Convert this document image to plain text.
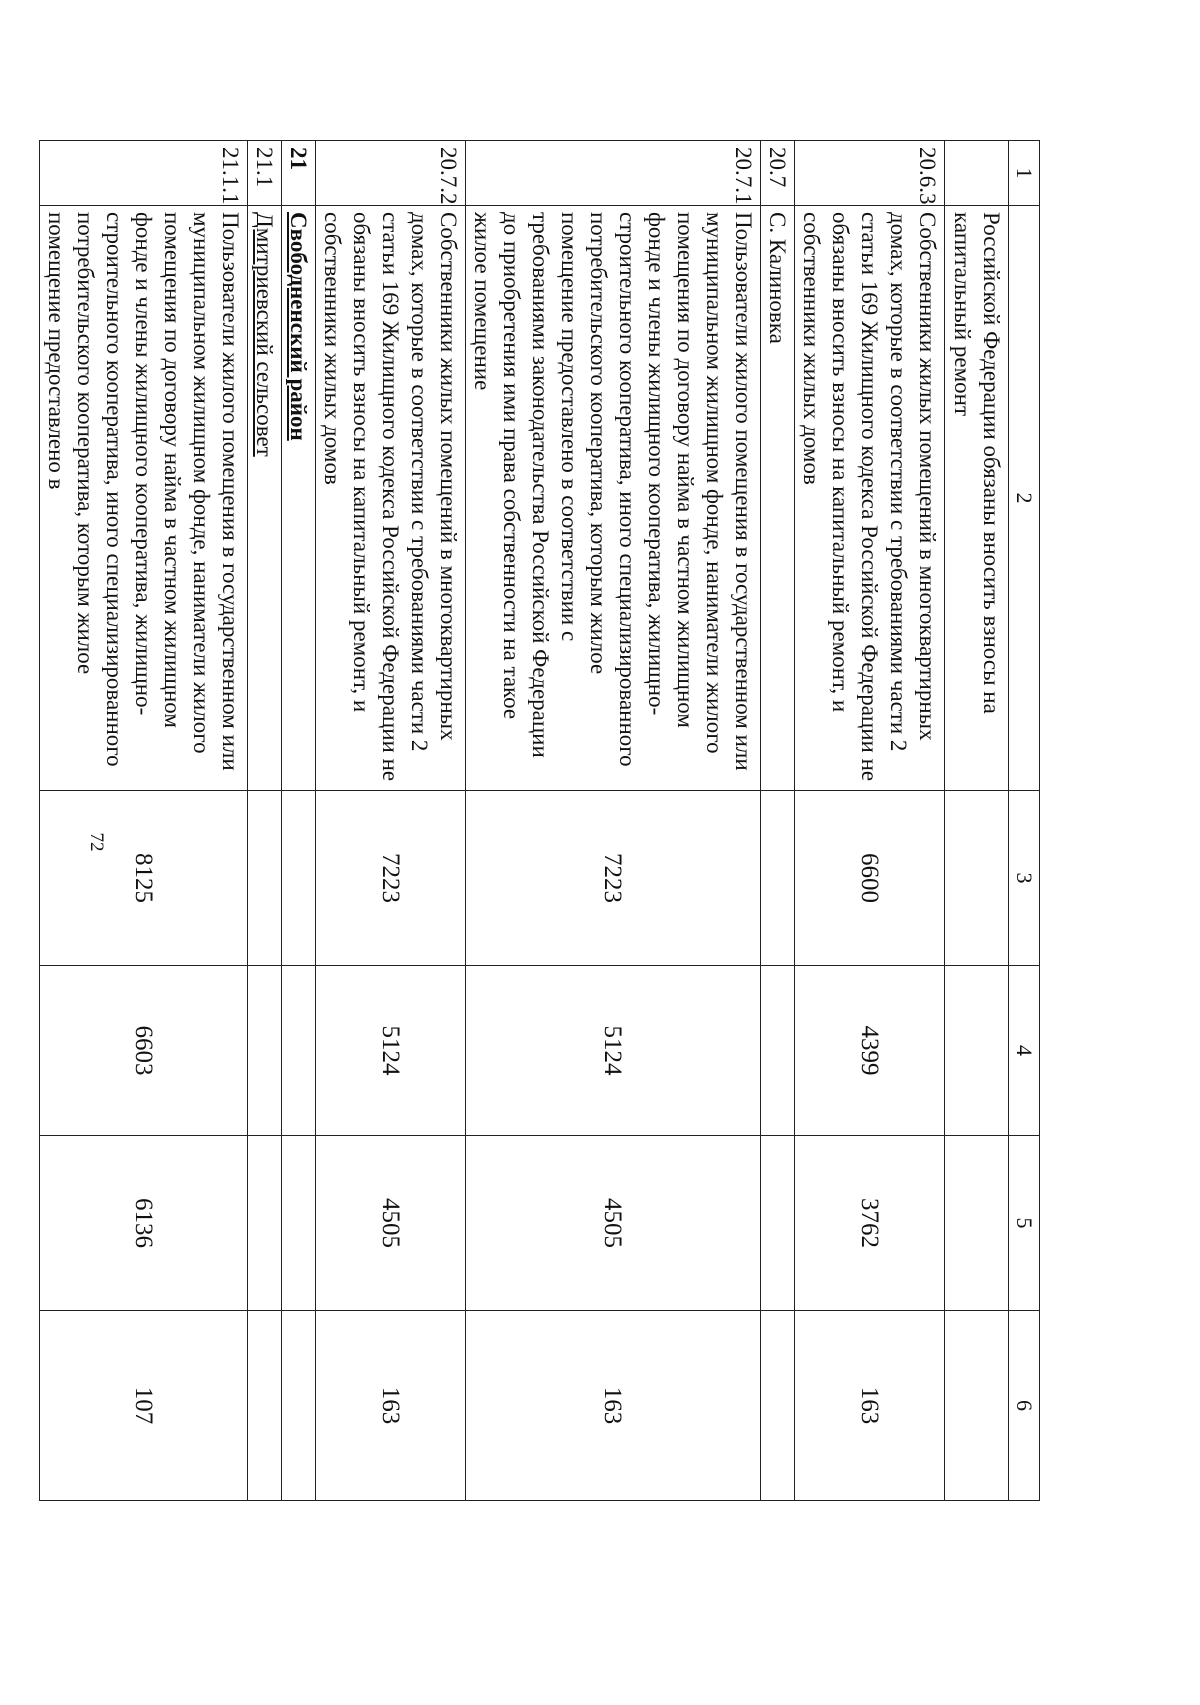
72
1	2	3	4	5	6
	Российской Федерации обязаны вносить взносы на капитальный ремонт				
20.6.3	Собственники жилых помещений в многоквартирных домах, которые в соответствии с требованиями части 2 статьи 169 Жилищного кодекса Российской Федерации не обязаны вносить взносы на капитальный ремонт, и собственники жилых домов	6600	4399	3762	163
20.7	С. Калиновка				
20.7.1	Пользователи жилого помещения в государственном или муниципальном жилищном фонде, наниматели жилого помещения по договору найма в частном жилищном фонде и члены жилищного кооператива, жилищно-строительного кооператива, иного специализированного потребительского кооператива, которым жилое помещение предоставлено в соответствии с требованиями законодательства Российской Федерации до приобретения ими права собственности на такое жилое помещение	7223	5124	4505	163
20.7.2	Собственники жилых помещений в многоквартирных домах, которые в соответствии с требованиями части 2 статьи 169 Жилищного кодекса Российской Федерации не обязаны вносить взносы на капитальный ремонт, и собственники жилых домов	7223	5124	4505	163
21	Свободненский район				
21.1	Дмитриевский сельсовет				
21.1.1	Пользователи жилого помещения в государственном или муниципальном жилищном фонде, наниматели жилого помещения по договору найма в частном жилищном фонде и члены жилищного кооператива, жилищно-строительного кооператива, иного специализированного потребительского кооператива, которым жилое помещение предоставлено в	8125	6603	6136	107
